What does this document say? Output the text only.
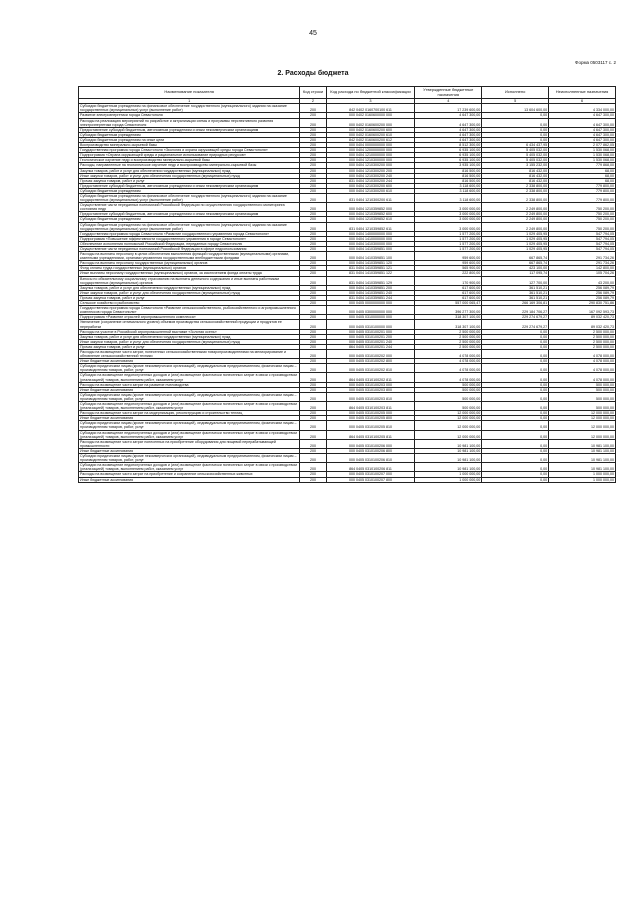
45
Форма 0503117 с. 2
2. Расходы бюджета
Наименование показателя	Код строки	Код расхода по бюджетной классификации	Утвержденные бюджетные назначения	Исполнено	Неисполненные назначения
1	2	3	4	5	6
Субсидии бюджетным учреждениям на финансовое обеспечение государственного (муниципального) задания на оказание государственных (муниципальных) услуг (выполнение работ)	200	842 0402 0160700100 611	17 239 600,00	13 604 600,00	4 334 000,00
Развитие электроэнергетики города Севастополя	200	000 0402 0160600000 000	4 647 300,00	0,00	4 647 300,00
Расходы на реализацию мероприятий по разработке и актуализации схемы и программы перспективного развития электроэнергетики города Севастополя	200	000 0402 0160600200 000	4 647 300,00	0,00	4 647 300,00
Предоставление субсидий бюджетным, автономным учреждениям и иным некоммерческим организациям	200	000 0402 0160600200 600	4 647 300,00	0,00	4 647 300,00
Субсидии бюджетным учреждениям	200	000 0402 0160600200 610	4 647 300,00	0,00	4 647 300,00
Субсидии бюджетным учреждениям на иные цели	200	842 0402 0160600200 612	4 647 300,00	0,00	4 647 300,00
Воспроизводство минерально-сырьевой базы	200	000 0404 0000000000 000	8 512 300,00	6 434 437,95	2 077 862,05
Государственная программа города Севастополя «Экология и охрана окружающей среды города Севастополя»	200	000 0404 1200000000 000	6 935 100,00	5 405 032,00	1 530 068,00
Подпрограмма «Охрана окружающей среды и рациональное использование природных ресурсов»	200	000 0404 1210000000 000	6 935 100,00	5 405 032,00	1 530 068,00
Геологическое изучение недр и воспроизводство минерально-сырьевой базы	200	000 0404 1210300000 000	6 935 100,00	5 405 032,00	1 530 068,00
Расходы, направленные на геологическое изучение недр и воспроизводство минерально-сырьевой базы	200	000 0404 1210300200 000	3 935 100,00	3 155 232,00	779 868,00
Закупка товаров, работ и услуг для обеспечения государственных (муниципальных) нужд	200	000 0404 1210300200 200	816 500,00	816 432,00	68,00
Иные закупки товаров, работ и услуг для обеспечения государственных (муниципальных) нужд	200	000 0404 1210300200 240	816 500,00	816 432,00	68,00
Прочая закупка товаров, работ и услуг	200	831 0404 1210300200 244	816 500,00	816 432,00	68,00
Предоставление субсидий бюджетным, автономным учреждениям и иным некоммерческим организациям	200	000 0404 1210300200 600	3 118 600,00	2 338 800,00	779 800,00
Субсидии бюджетным учреждениям	200	000 0404 1210300200 610	3 118 600,00	2 338 800,00	779 800,00
Субсидии бюджетным учреждениям на финансовое обеспечение государственного (муниципального) задания на оказание государственных (муниципальных) услуг (выполнение работ)	200	831 0404 1210300200 611	3 118 600,00	2 338 800,00	779 800,00
Осуществление части переданных полномочий Российской Федерации по осуществлению государственного мониторинга состояния недр	200	000 0404 1210359852 000	3 000 000,00	2 249 800,00	750 200,00
Предоставление субсидий бюджетным, автономным учреждениям и иным некоммерческим организациям	200	000 0404 1210359852 600	3 000 000,00	2 249 800,00	750 200,00
Субсидии бюджетным учреждениям	200	000 0404 1210359852 610	3 000 000,00	2 249 800,00	750 200,00
Субсидии бюджетным учреждениям на финансовое обеспечение государственного (муниципального) задания на оказание государственных (муниципальных) услуг (выполнение работ)	200	831 0404 1210359852 611	3 000 000,00	2 249 800,00	750 200,00
Государственная программа города Севастополя «Развитие государственного управления города Севастополя»	200	000 0404 1400000000 000	1 577 200,00	1 029 405,95	547 794,05
Подпрограмма «Повышение эффективности государственного управления в городе Севастополе»	200	000 0404 1410000000 000	1 577 200,00	1 029 405,95	547 794,05
Обеспечение исполнения полномочий Российской Федерации, переданных городу Севастополю	200	000 0404 1410300000 000	1 577 200,00	1 029 405,95	547 794,05
Осуществление части переданных полномочий Российской Федерации в сфере недропользования	200	000 0404 1410359851 000	1 577 200,00	1 029 405,95	547 794,05
Расходы на выплаты персоналу в целях обеспечения выполнения функций государственными (муниципальными) органами, казенными учреждениями, органами управления государственными внебюджетными фондами	200	000 0404 1410359851 100	959 600,00	667 865,74	291 734,26
Расходы на выплаты персоналу государственных (муниципальных) органов	200	000 0404 1410359851 120	959 600,00	667 865,74	291 734,26
Фонд оплаты труда государственных (муниципальных) органов	200	831 0404 1410359851 121	565 900,00	423 100,00	142 800,00
Иные выплаты персоналу государственных (муниципальных) органов, за исключением фонда оплаты труда	200	831 0404 1410359851 122	222 800,00	117 095,74	105 704,26
Взносы по обязательному социальному страхованию на выплаты денежного содержания и иные выплаты работникам государственных (муниципальных) органов	200	831 0404 1410359851 129	170 900,00	127 700,00	43 200,00
Закупка товаров, работ и услуг для обеспечения государственных (муниципальных) нужд	200	000 0404 1410359851 200	617 600,00	361 510,21	256 089,79
Иные закупки товаров, работ и услуг для обеспечения государственных (муниципальных) нужд	200	000 0404 1410359851 240	617 600,00	361 510,21	256 089,79
Прочая закупка товаров, работ и услуг	200	831 0404 1410359851 244	617 600,00	361 510,21	256 089,79
Сельское хозяйство и рыболовство	200	000 0405 0000000000 000	557 000 065,47	266 169 306,81	290 830 751,86
Государственная программа города Севастополя «Развитие сельскохозяйственного, рыбохозяйственного и агропромышленного комплексов города Севастополя»	200	000 0405 0300000000 000	396 277 300,00	229 184 706,27	167 092 593,73
Подпрограмма «Развитие отраслей агропромышленного комплекса»	200	000 0405 0310000000 000	318 307 100,00	229 274 679,27	89 032 420,73
Увеличение (сохранение оптимального уровня) объемов производства сельскохозяйственной продукции и продуктов ее переработки	200	000 0405 0310100000 000	318 307 100,00	229 274 679,27	89 032 420,73
Расходы на участие в Российской агропромышленной выставке «Золотая осень»	200	000 0405 0310100201 000	2 500 000,00	0,00	2 500 000,00
Закупка товаров, работ и услуг для обеспечения государственных (муниципальных) нужд	200	000 0405 0310100201 200	2 500 000,00	0,00	2 500 000,00
Иные закупки товаров, работ и услуг для обеспечения государственных (муниципальных) нужд	200	000 0405 0310100201 240	2 500 000,00	0,00	2 500 000,00
Прочая закупка товаров, работ и услуг	200	864 0405 0310100201 244	2 500 000,00	0,00	2 500 000,00
Расходы на возмещение части затрат, понесенных сельскохозяйственными товаропроизводителями на мелиорирование и обновление сельскохозяйственной техники	200	000 0405 0310100202 000	4 078 000,00	0,00	4 078 000,00
Иные бюджетные ассигнования	200	000 0405 0310100202 800	4 078 000,00	0,00	4 078 000,00
Субсидии юридическим лицам (кроме некоммерческих организаций), индивидуальным предпринимателям, физическим лицам – производителям товаров, работ, услуг	200	000 0405 0310100202 810	4 078 000,00	0,00	4 078 000,00
Субсидии на возмещение недополученных доходов и (или) возмещение фактически понесенных затрат в связи с производством (реализацией) товаров, выполнением работ, оказанием услуг	200	864 0405 0310100202 811	4 078 000,00	0,00	4 078 000,00
Расходы на возмещение части затрат на развитие пчеловодства	200	000 0405 0310100203 000	500 000,00	0,00	500 000,00
Иные бюджетные ассигнования	200	000 0405 0310100203 800	500 000,00	0,00	500 000,00
Субсидии юридическим лицам (кроме некоммерческих организаций), индивидуальным предпринимателям, физическим лицам – производителям товаров, работ, услуг	200	000 0405 0310100203 810	500 000,00	0,00	500 000,00
Субсидии на возмещение недополученных доходов и (или) возмещение фактически понесенных затрат в связи с производством (реализацией) товаров, выполнением работ, оказанием услуг	200	864 0405 0310100203 811	500 000,00	0,00	500 000,00
Расходы на возмещение части затрат на модернизацию, реконструкцию и строительство теплиц	200	000 0405 0310100205 000	12 000 000,00	0,00	12 000 000,00
Иные бюджетные ассигнования	200	000 0405 0310100205 800	12 000 000,00	0,00	12 000 000,00
Субсидии юридическим лицам (кроме некоммерческих организаций), индивидуальным предпринимателям, физическим лицам – производителям товаров, работ, услуг	200	000 0405 0310100205 810	12 000 000,00	0,00	12 000 000,00
Субсидии на возмещение недополученных доходов и (или) возмещение фактически понесенных затрат в связи с производством (реализацией) товаров, выполнением работ, оказанием услуг	200	864 0405 0310100205 811	12 000 000,00	0,00	12 000 000,00
Расходы на возмещение части затрат понесенных на приобретение оборудования для пищевой перерабатывающей промышленности	200	000 0405 0310100206 000	10 981 100,00	0,00	10 981 100,00
Иные бюджетные ассигнования	200	000 0405 0310100206 800	10 981 100,00	0,00	10 981 100,00
Субсидии юридическим лицам (кроме некоммерческих организаций), индивидуальным предпринимателям, физическим лицам – производителям товаров, работ, услуг	200	000 0405 0310100206 810	10 981 100,00	0,00	10 981 100,00
Субсидии на возмещение недополученных доходов и (или) возмещение фактически понесенных затрат в связи с производством (реализацией) товаров, выполнением работ, оказанием услуг	200	864 0405 0310100206 811	10 981 100,00	0,00	10 981 100,00
Расходы на возмещение части затрат на приобретение и сохранение сельскохозяйственных животных	200	000 0405 0310100207 000	1 000 000,00	0,00	1 000 000,00
Иные бюджетные ассигнования	200	000 0405 0310100207 800	1 000 000,00	0,00	1 000 000,00
